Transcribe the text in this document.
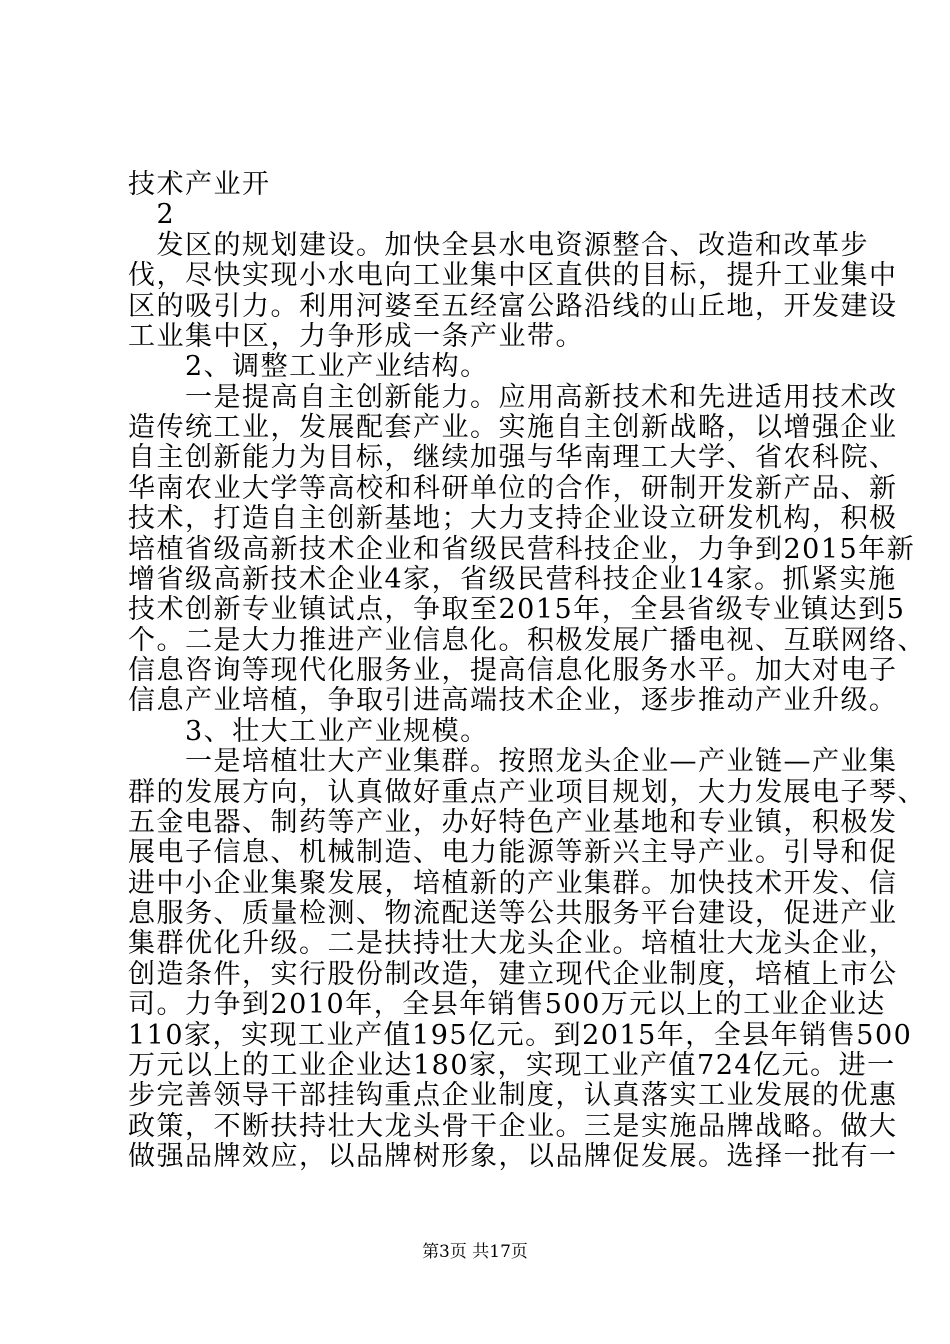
技术产业开
　2
　发区的规划建设。加快全县水电资源整合、改造和改革步
伐，尽快实现小水电向工业集中区直供的目标，提升工业集中
区的吸引力。利用河婆至五经富公路沿线的山丘地，开发建设
工业集中区，力争形成一条产业带。
　　2、调整工业产业结构。
　　一是提高自主创新能力。应用高新技术和先进适用技术改
造传统工业，发展配套产业。实施自主创新战略，以增强企业
自主创新能力为目标，继续加强与华南理工大学、省农科院、
华南农业大学等高校和科研单位的合作，研制开发新产品、新
技术，打造自主创新基地；大力支持企业设立研发机构，积极
培植省级高新技术企业和省级民营科技企业，力争到2015年新
增省级高新技术企业4家，省级民营科技企业14家。抓紧实施
技术创新专业镇试点，争取至2015年，全县省级专业镇达到5
个。二是大力推进产业信息化。积极发展广播电视、互联网络、
信息咨询等现代化服务业，提高信息化服务水平。加大对电子
信息产业培植，争取引进高端技术企业，逐步推动产业升级。
　　3、壮大工业产业规模。
　　一是培植壮大产业集群。按照龙头企业—产业链—产业集
群的发展方向，认真做好重点产业项目规划，大力发展电子琴、
五金电器、制药等产业，办好特色产业基地和专业镇，积极发
展电子信息、机械制造、电力能源等新兴主导产业。引导和促
进中小企业集聚发展，培植新的产业集群。加快技术开发、信
息服务、质量检测、物流配送等公共服务平台建设，促进产业
集群优化升级。二是扶持壮大龙头企业。培植壮大龙头企业，
创造条件，实行股份制改造，建立现代企业制度，培植上市公
司。力争到2010年，全县年销售500万元以上的工业企业达
110家，实现工业产值195亿元。到2015年，全县年销售500
万元以上的工业企业达180家，实现工业产值724亿元。进一
步完善领导干部挂钩重点企业制度，认真落实工业发展的优惠
政策，不断扶持壮大龙头骨干企业。三是实施品牌战略。做大
做强品牌效应，以品牌树形象，以品牌促发展。选择一批有一
第3页 共17页
